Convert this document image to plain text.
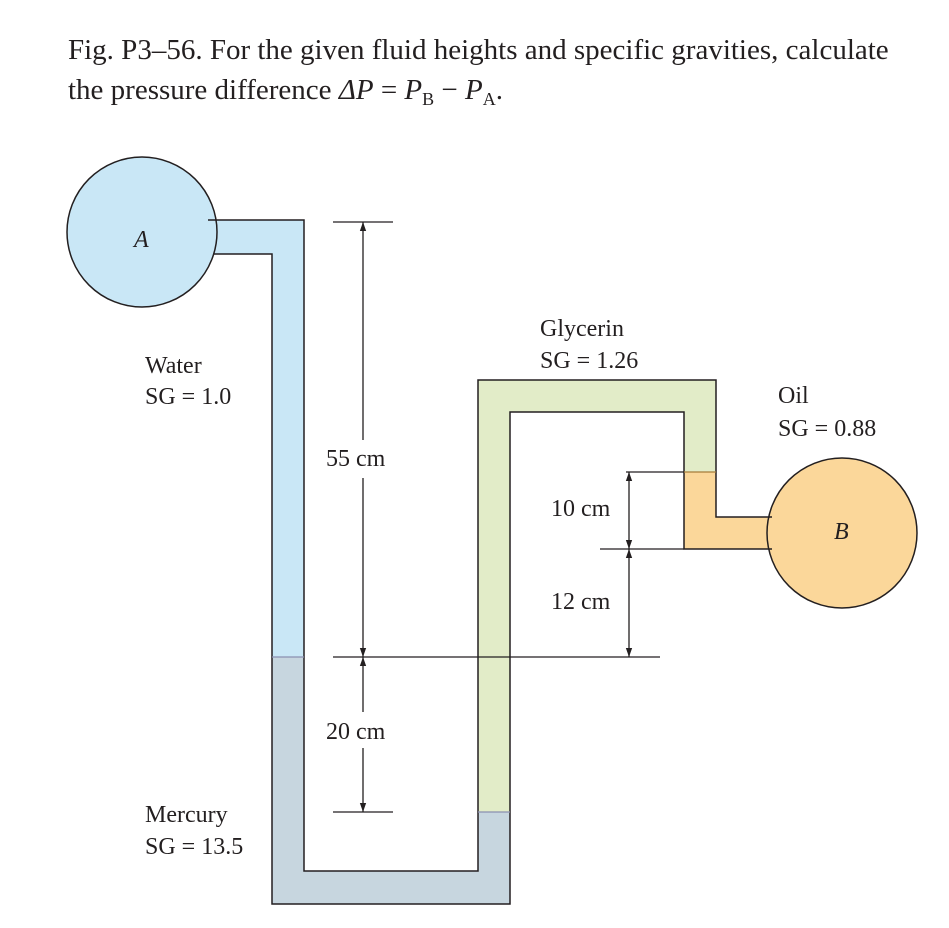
Fig. P3–56. For the given fluid heights and specific gravities, calculate the pressure difference $\Delta P = P_B - P_A$.
A
B
Water
SG = 1.0
Glycerin
SG = 1.26
Oil
SG = 0.88
Mercury
SG = 13.5
55 cm
20 cm
10 cm
12 cm
